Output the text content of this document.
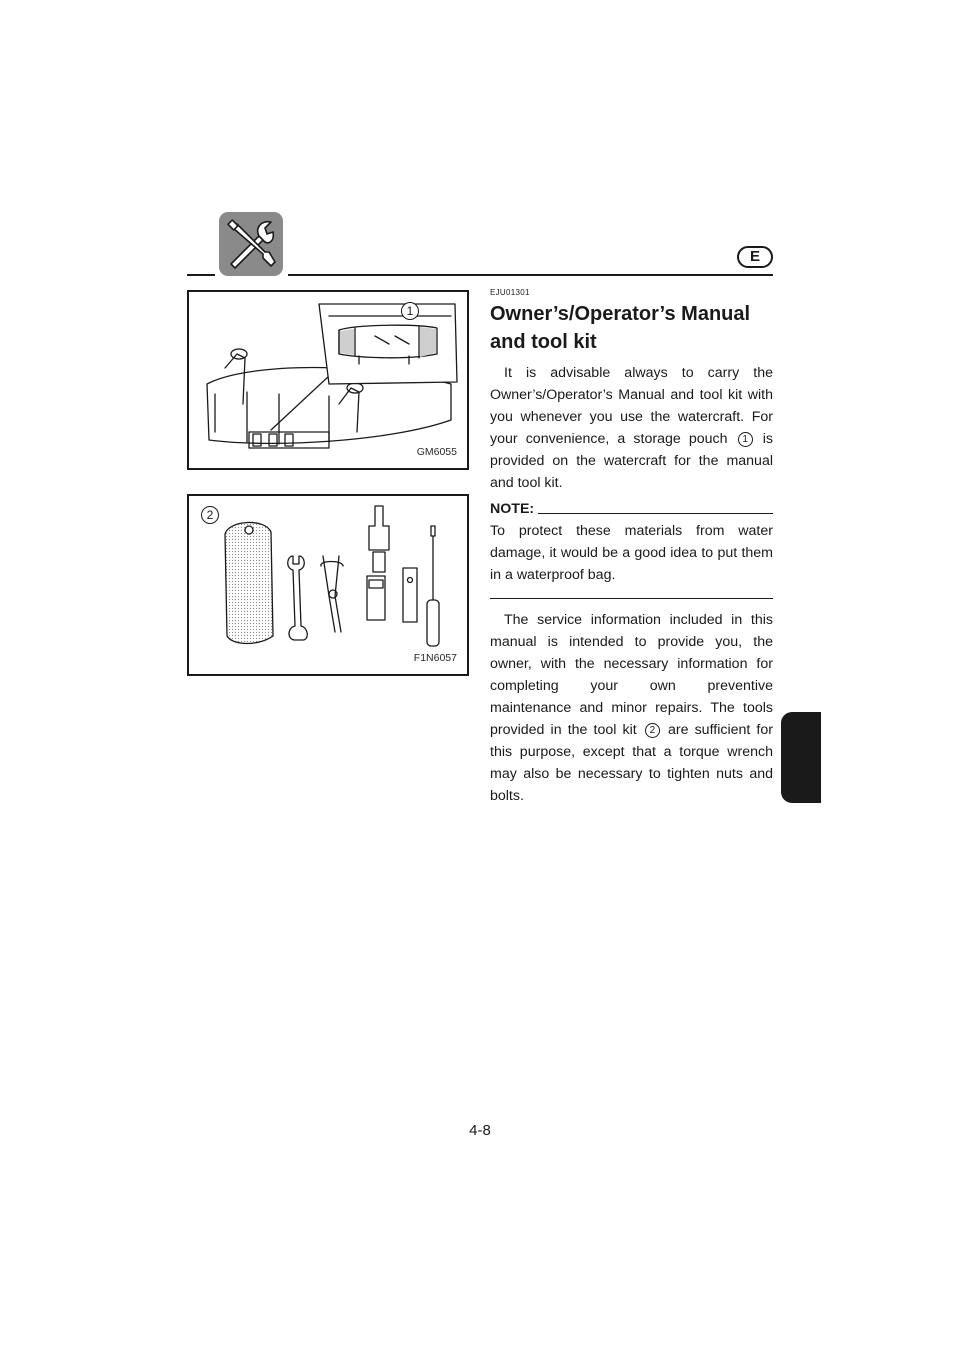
E
1
GM6055
2
F1N6057
EJU01301
Owner’s/Operator’s Manual
and tool kit

It is advisable always to carry the Owner’s/Operator’s Manual and tool kit with you whenever you use the watercraft. For your convenience, a storage pouch 1 is provided on the watercraft for the manual and tool kit.

NOTE:

To protect these materials from water damage, it would be a good idea to put them in a waterproof bag.

The service information included in this manual is intended to provide you, the owner, with the necessary information for completing your own preventive maintenance and minor repairs. The tools provided in the tool kit 2 are sufficient for this purpose, except that a torque wrench may also be necessary to tighten nuts and bolts.

4-8
